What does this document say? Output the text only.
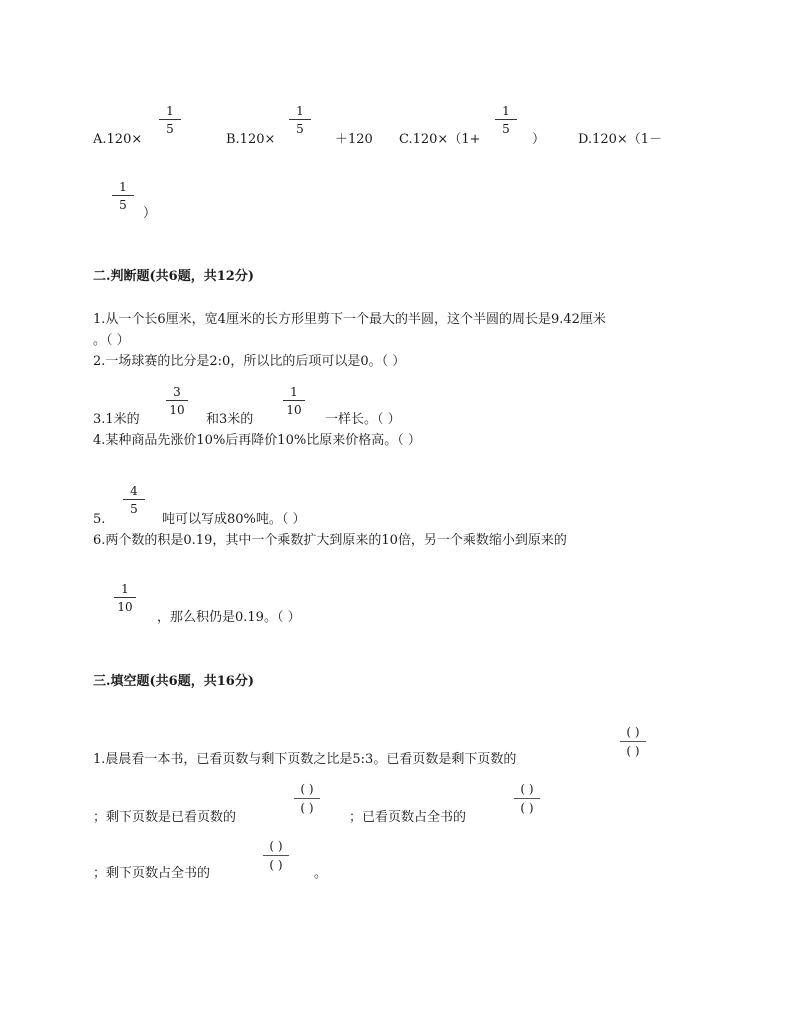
A.120×
1
5
B.120×
1
5
＋120 C.120×（1+
1
5
）	D.120×（1－
1
5
）
二.判断题(共6题，共12分)
1.从一个长6厘米，宽4厘米的长方形里剪下一个最大的半圆，这个半圆的周长是9.42厘米
。（ ）
2.一场球赛的比分是2:0，所以比的后项可以是0。（ ）
3.1米的
3
10
和3米的
1
10
一样长。（ ）
4.某种商品先涨价10%后再降价10%比原来价格高。（ ）
5.
4
5
吨可以写成80%吨。（ ）
6.两个数的积是0.19，其中一个乘数扩大到原来的10倍，另一个乘数缩小到原来的
1
10
，那么积仍是0.19。（ ）
三.填空题(共6题，共16分)
1.晨晨看一本书，已看页数与剩下页数之比是5:3。已看页数是剩下页数的
( )
( )
；剩下页数是已看页数的
( )
( )
；已看页数占全书的
( )
( )
；剩下页数占全书的
( )
( )
。
